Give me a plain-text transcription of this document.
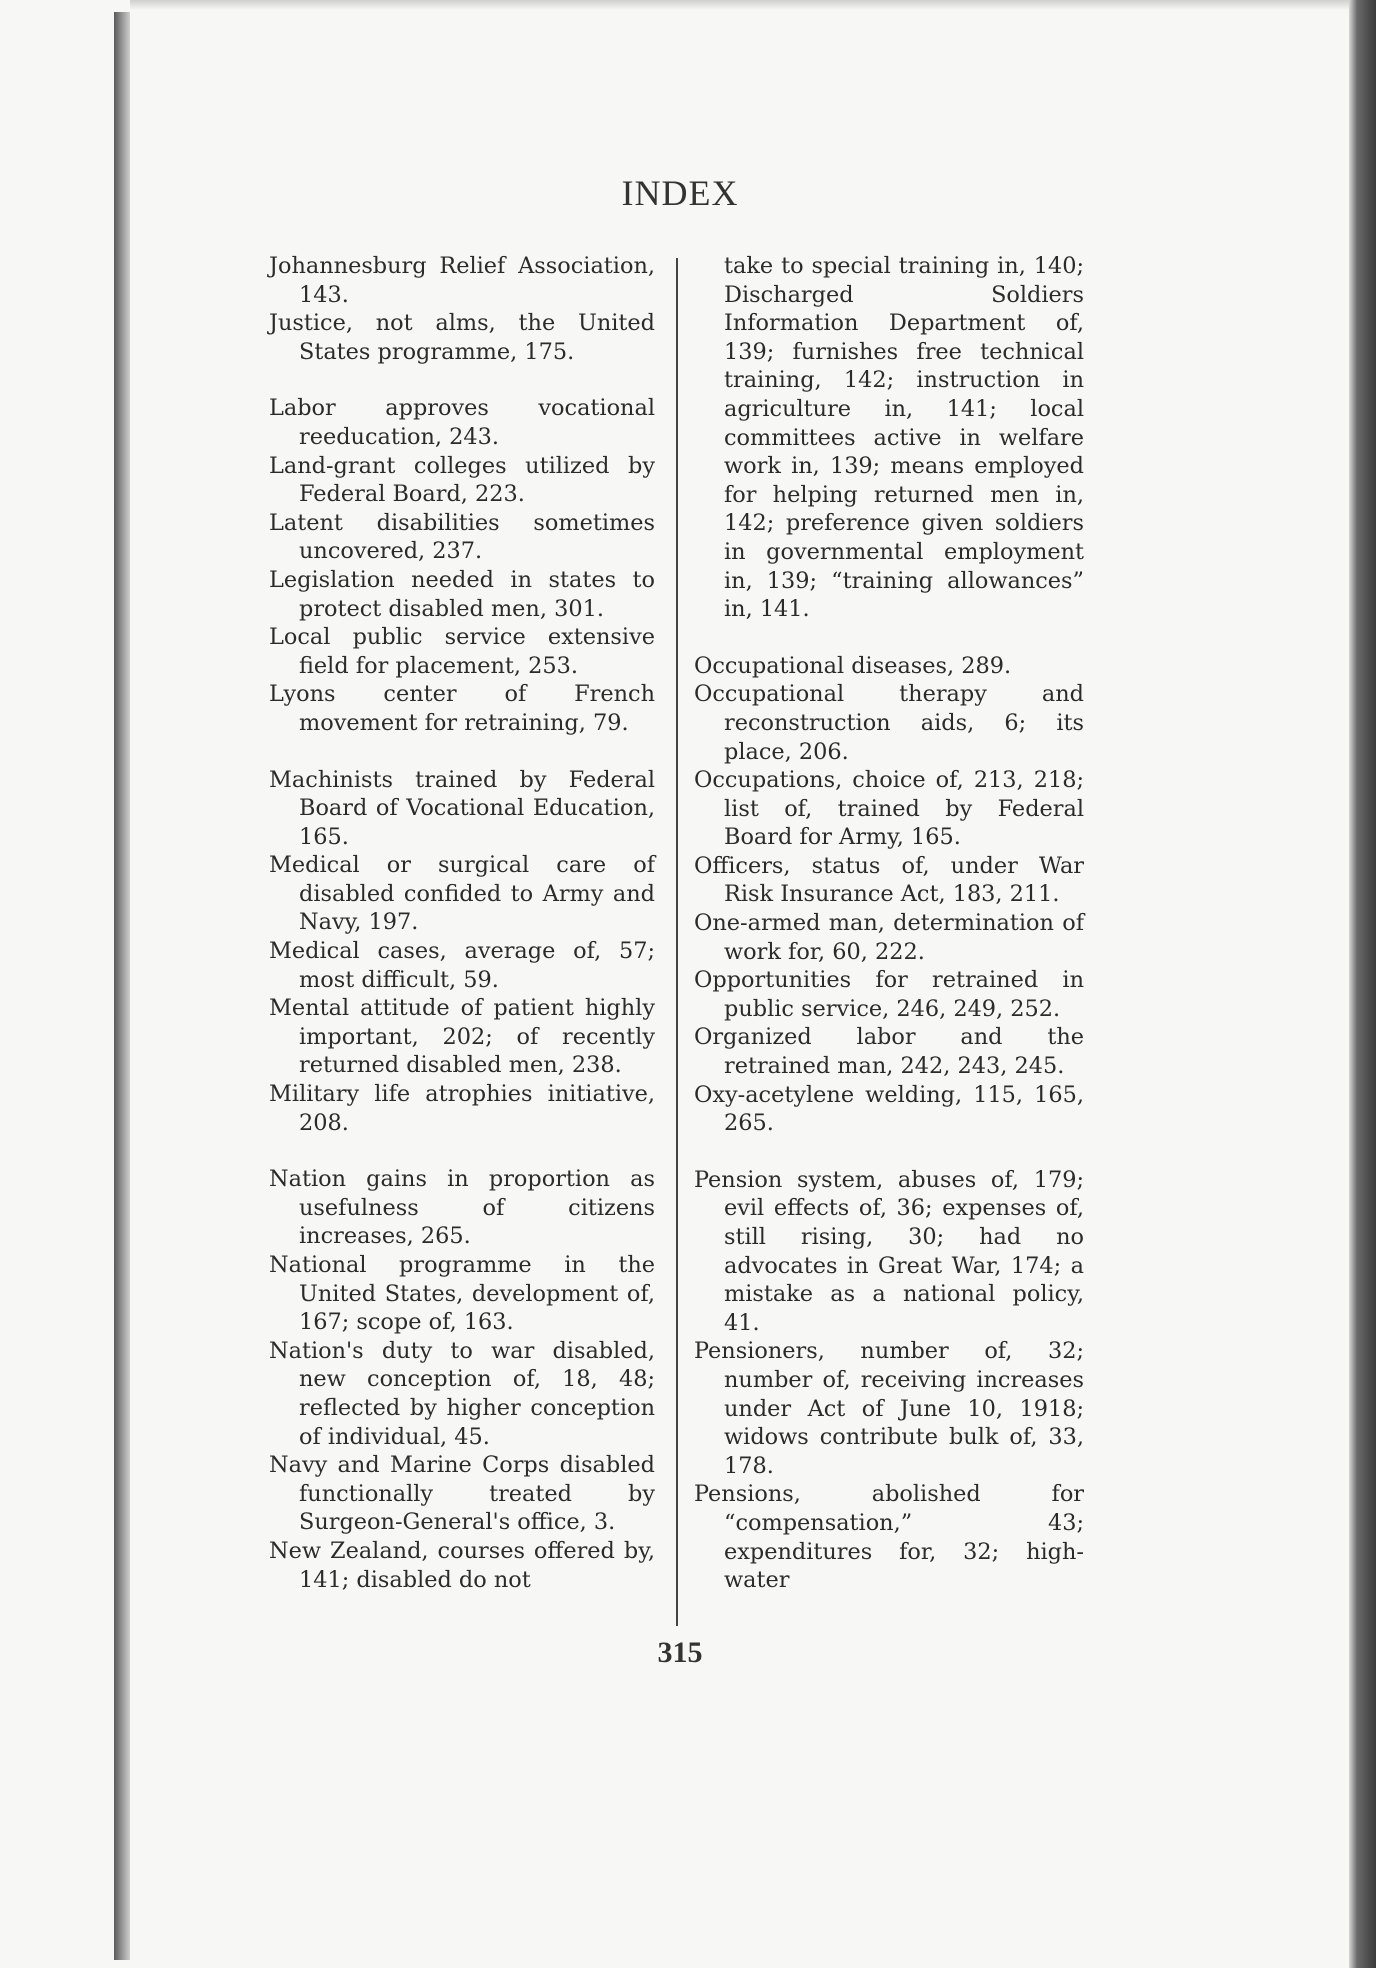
INDEX

Johannesburg Relief Association, 143.

Justice, not alms, the United States programme, 175.

Labor approves vocational reeducation, 243.

Land-grant colleges utilized by Federal Board, 223.

Latent disabilities sometimes uncovered, 237.

Legislation needed in states to protect disabled men, 301.

Local public service extensive field for placement, 253.

Lyons center of French movement for retraining, 79.

Machinists trained by Federal Board of Vocational Education, 165.

Medical or surgical care of disabled confided to Army and Navy, 197.

Medical cases, average of, 57; most difficult, 59.

Mental attitude of patient highly important, 202; of recently returned disabled men, 238.

Military life atrophies initiative, 208.

Nation gains in proportion as usefulness of citizens increases, 265.

National programme in the United States, development of, 167; scope of, 163.

Nation's duty to war disabled, new conception of, 18, 48; reflected by higher conception of individual, 45.

Navy and Marine Corps disabled functionally treated by Surgeon-General's office, 3.

New Zealand, courses offered by, 141; disabled do not

take to special training in, 140; Discharged Soldiers Information Department of, 139; furnishes free technical training, 142; instruction in agriculture in, 141; local committees active in welfare work in, 139; means employed for helping returned men in, 142; preference given soldiers in governmental employment in, 139; “training allowances” in, 141.

Occupational diseases, 289.

Occupational therapy and reconstruction aids, 6; its place, 206.

Occupations, choice of, 213, 218; list of, trained by Federal Board for Army, 165.

Officers, status of, under War Risk Insurance Act, 183, 211.

One-armed man, determination of work for, 60, 222.

Opportunities for retrained in public service, 246, 249, 252.

Organized labor and the retrained man, 242, 243, 245.

Oxy-acetylene welding, 115, 165, 265.

Pension system, abuses of, 179; evil effects of, 36; expenses of, still rising, 30; had no advocates in Great War, 174; a mistake as a national policy, 41.

Pensioners, number of, 32; number of, receiving increases under Act of June 10, 1918; widows contribute bulk of, 33, 178.

Pensions, abolished for “compensation,” 43; expenditures for, 32; high-water

315
